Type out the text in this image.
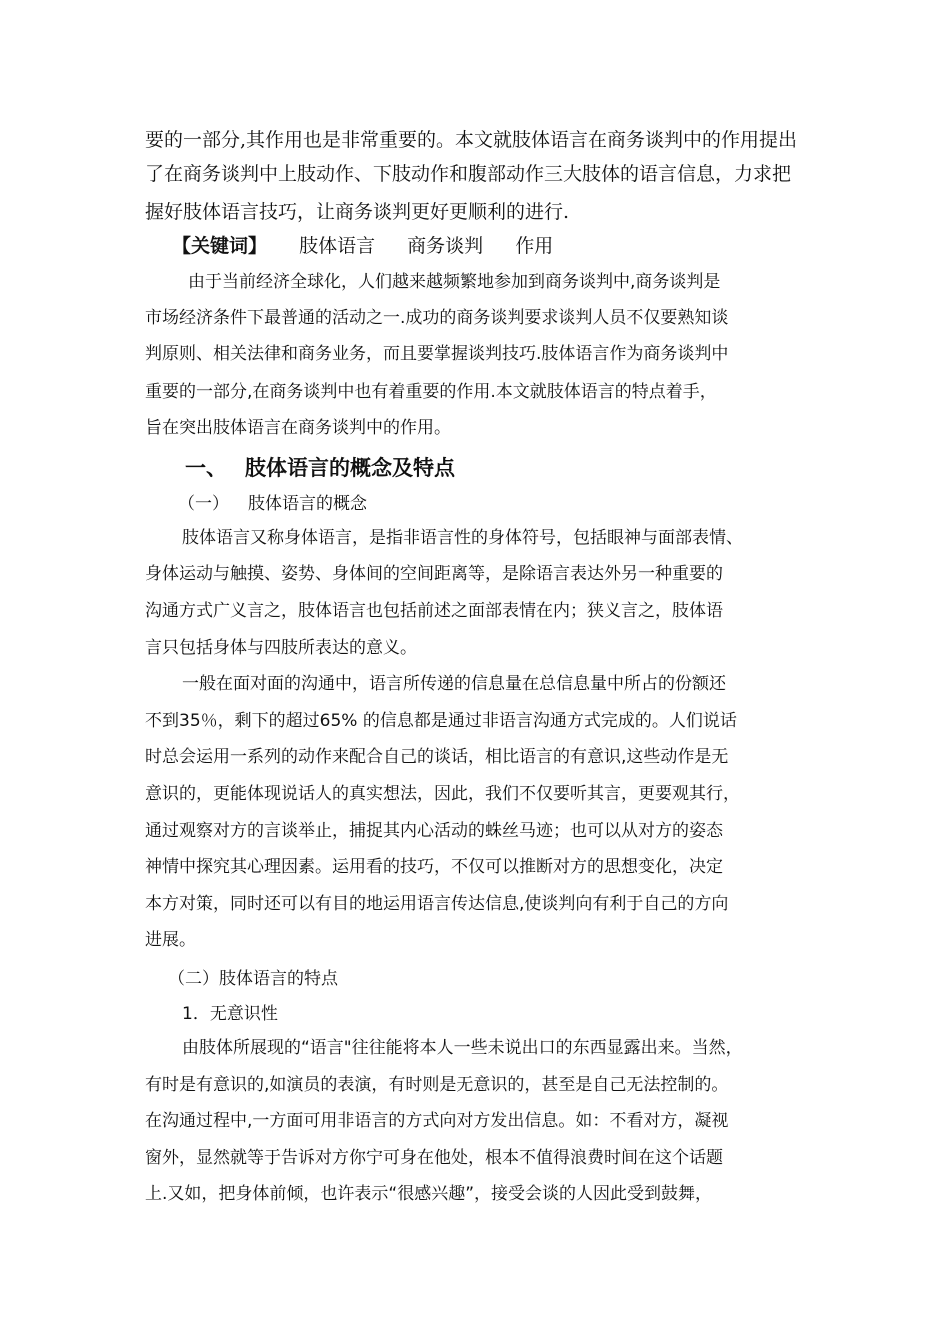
要的一部分,其作用也是非常重要的。本文就肢体语言在商务谈判中的作用提出
了在商务谈判中上肢动作、下肢动作和腹部动作三大肢体的语言信息，力求把
握好肢体语言技巧，让商务谈判更好更顺利的进行.
【关键词】 肢体语言 商务谈判 作用
由于当前经济全球化，人们越来越频繁地参加到商务谈判中,商务谈判是
市场经济条件下最普通的活动之一.成功的商务谈判要求谈判人员不仅要熟知谈
判原则、相关法律和商务业务，而且要掌握谈判技巧.肢体语言作为商务谈判中
重要的一部分,在商务谈判中也有着重要的作用.本文就肢体语言的特点着手，
旨在突出肢体语言在商务谈判中的作用。
一、 肢体语言的概念及特点
（一） 肢体语言的概念
肢体语言又称身体语言，是指非语言性的身体符号，包括眼神与面部表情、
身体运动与触摸、姿势、身体间的空间距离等，是除语言表达外另一种重要的
沟通方式广义言之，肢体语言也包括前述之面部表情在内；狭义言之，肢体语
言只包括身体与四肢所表达的意义。
一般在面对面的沟通中，语言所传递的信息量在总信息量中所占的份额还
不到35％，剩下的超过65% 的信息都是通过非语言沟通方式完成的。人们说话
时总会运用一系列的动作来配合自己的谈话，相比语言的有意识,这些动作是无
意识的，更能体现说话人的真实想法，因此，我们不仅要听其言，更要观其行，
通过观察对方的言谈举止，捕捉其内心活动的蛛丝马迹；也可以从对方的姿态
神情中探究其心理因素。运用看的技巧，不仅可以推断对方的思想变化，决定
本方对策，同时还可以有目的地运用语言传达信息,使谈判向有利于自己的方向
进展。
（二）肢体语言的特点
1．无意识性
由肢体所展现的“语言"往往能将本人一些未说出口的东西显露出来。当然，
有时是有意识的,如演员的表演，有时则是无意识的，甚至是自己无法控制的。
在沟通过程中,一方面可用非语言的方式向对方发出信息。如：不看对方，凝视
窗外，显然就等于告诉对方你宁可身在他处，根本不值得浪费时间在这个话题
上.又如，把身体前倾，也许表示“很感兴趣”，接受会谈的人因此受到鼓舞，
